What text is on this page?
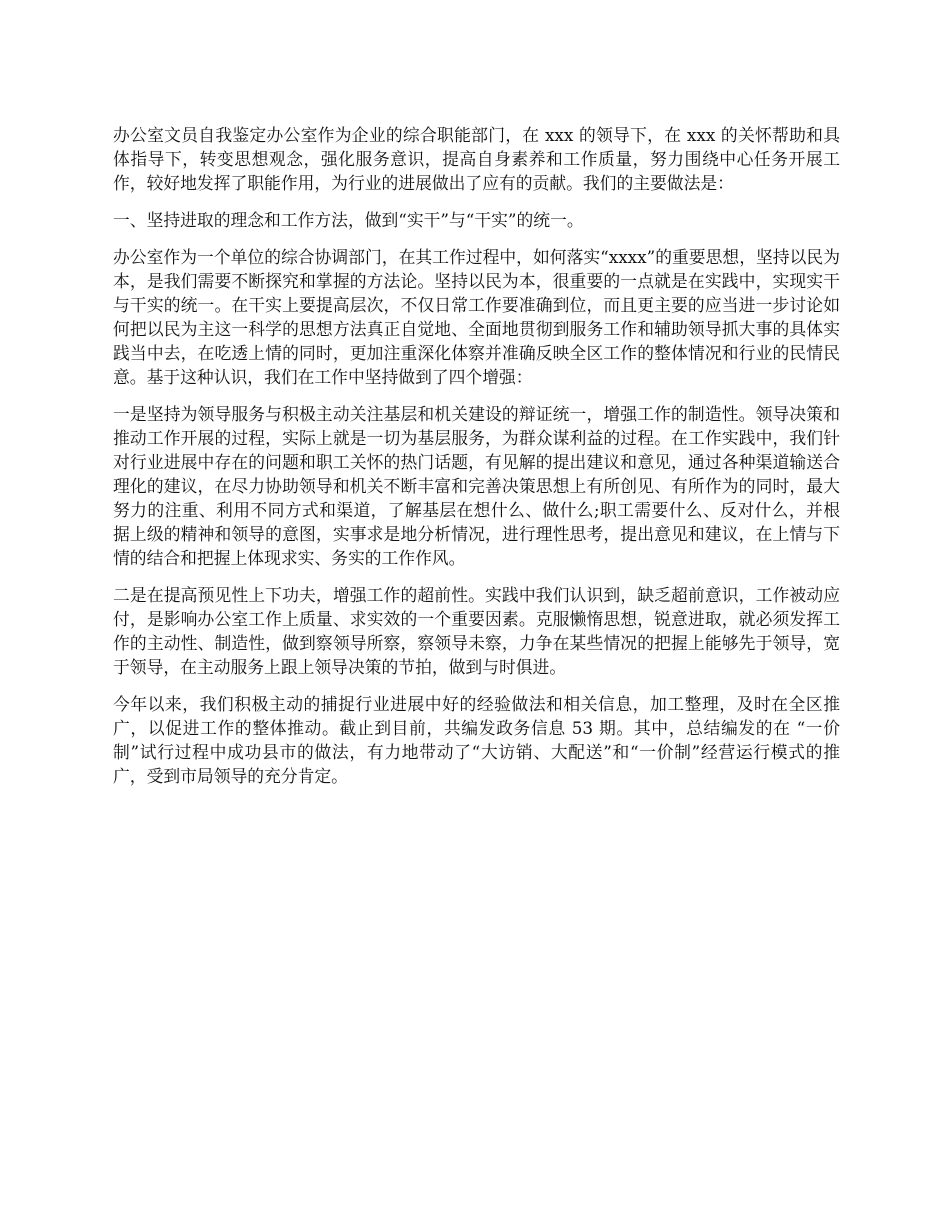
办公室文员自我鉴定办公室作为企业的综合职能部门，在 xxx 的领导下，在 xxx 的关怀帮助和具体指导下，转变思想观念，强化服务意识，提高自身素养和工作质量，努力围绕中心任务开展工作，较好地发挥了职能作用，为行业的进展做出了应有的贡献。我们的主要做法是：

一、坚持进取的理念和工作方法，做到“实干”与“干实”的统一。

办公室作为一个单位的综合协调部门，在其工作过程中，如何落实“xxxx”的重要思想，坚持以民为本，是我们需要不断探究和掌握的方法论。坚持以民为本，很重要的一点就是在实践中，实现实干与干实的统一。在干实上要提高层次，不仅日常工作要准确到位，而且更主要的应当进一步讨论如何把以民为主这一科学的思想方法真正自觉地、全面地贯彻到服务工作和辅助领导抓大事的具体实践当中去，在吃透上情的同时，更加注重深化体察并准确反映全区工作的整体情况和行业的民情民意。基于这种认识，我们在工作中坚持做到了四个增强：

一是坚持为领导服务与积极主动关注基层和机关建设的辩证统一，增强工作的制造性。领导决策和推动工作开展的过程，实际上就是一切为基层服务，为群众谋利益的过程。在工作实践中，我们针对行业进展中存在的问题和职工关怀的热门话题，有见解的提出建议和意见，通过各种渠道输送合理化的建议，在尽力协助领导和机关不断丰富和完善决策思想上有所创见、有所作为的同时，最大努力的注重、利用不同方式和渠道，了解基层在想什么、做什么;职工需要什么、反对什么，并根据上级的精神和领导的意图，实事求是地分析情况，进行理性思考，提出意见和建议，在上情与下情的结合和把握上体现求实、务实的工作作风。

二是在提高预见性上下功夫，增强工作的超前性。实践中我们认识到，缺乏超前意识，工作被动应付，是影响办公室工作上质量、求实效的一个重要因素。克服懒惰思想，锐意进取，就必须发挥工作的主动性、制造性，做到察领导所察，察领导未察，力争在某些情况的把握上能够先于领导，宽于领导，在主动服务上跟上领导决策的节拍，做到与时俱进。

今年以来，我们积极主动的捕捉行业进展中好的经验做法和相关信息，加工整理，及时在全区推广，以促进工作的整体推动。截止到目前，共编发政务信息 53 期。其中，总结编发的在 “一价制”试行过程中成功县市的做法，有力地带动了“大访销、大配送”和“一价制”经营运行模式的推广，受到市局领导的充分肯定。
